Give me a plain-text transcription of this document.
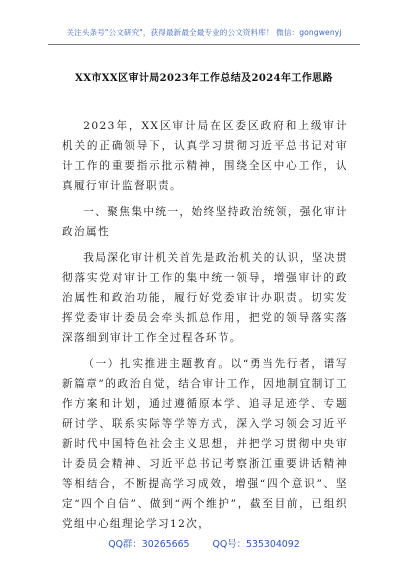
关注头条号"公文研究"，获得最新最全最专业的公文资料库！ 微信：gongwenyj
XX市XX区审计局2023年工作总结及2024年工作思路

2023年，XX区审计局在区委区政府和上级审计机关的正确领导下，认真学习贯彻习近平总书记对审计工作的重要指示批示精神，围绕全区中心工作，认真履行审计监督职责。

一、聚焦集中统一，始终坚持政治统领，强化审计政治属性

我局深化审计机关首先是政治机关的认识，坚决贯彻落实党对审计工作的集中统一领导，增强审计的政治属性和政治功能，履行好党委审计办职责。切实发挥党委审计委员会牵头抓总作用，把党的领导落实落深落细到审计工作全过程各环节。

（一）扎实推进主题教育。以“勇当先行者，谱写新篇章”的政治自觉，结合审计工作，因地制宜制订工作方案和计划，通过遵循原本学、追寻足迹学、专题研讨学、联系实际等学等方式，深入学习领会习近平新时代中国特色社会主义思想，并把学习贯彻中央审计委员会精神、习近平总书记考察浙江重要讲话精神等相结合，不断提高学习成效，增强“四个意识”、坚定“四个自信”、做到“两个维护”，截至目前，已组织党组中心组理论学习12次，

QQ群：30265665 QQ号：535304092
